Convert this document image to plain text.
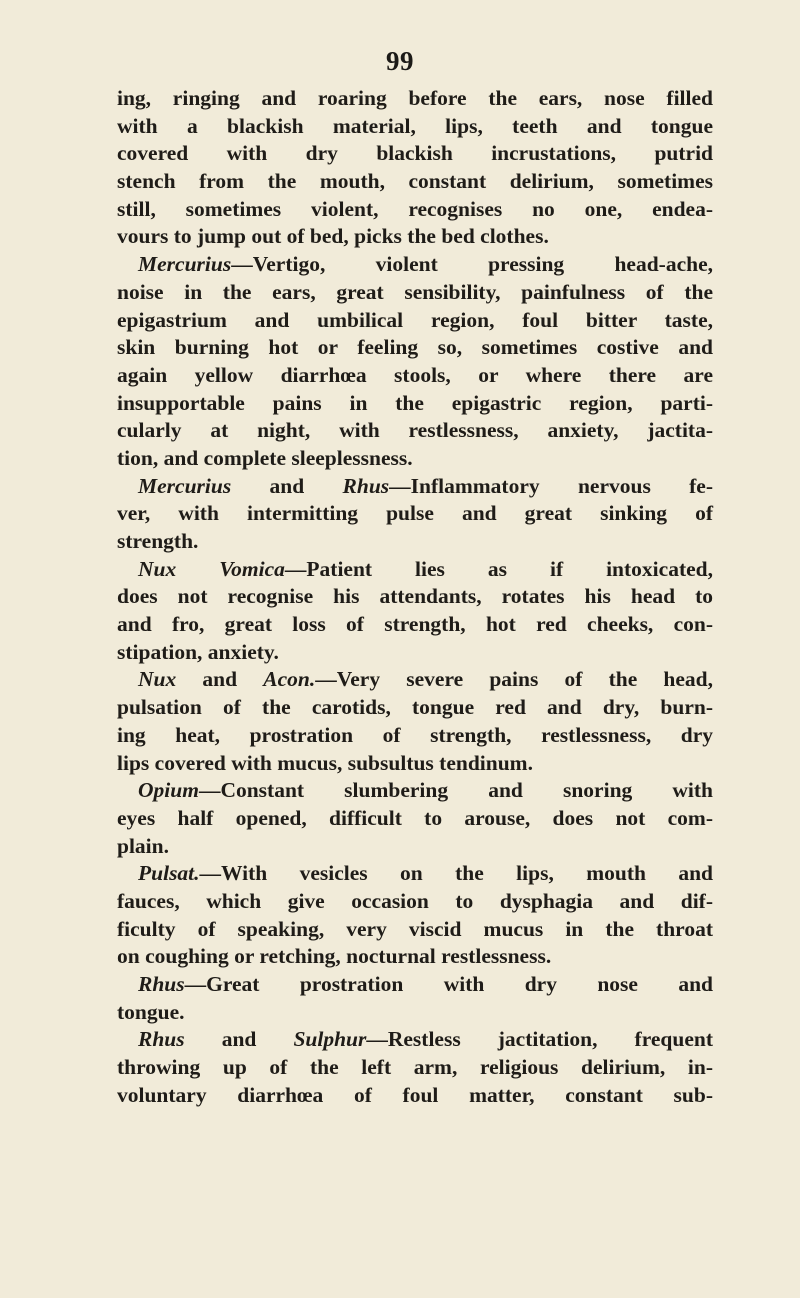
99
ing, ringing and roaring before the ears, nose filled
with a blackish material, lips, teeth and tongue
covered with dry blackish incrustations, putrid
stench from the mouth, constant delirium, sometimes
still, sometimes violent, recognises no one, endea-
vours to jump out of bed, picks the bed clothes.
Mercurius—Vertigo, violent pressing head-ache,
noise in the ears, great sensibility, painfulness of the
epigastrium and umbilical region, foul bitter taste,
skin burning hot or feeling so, sometimes costive and
again yellow diarrhœa stools, or where there are
insupportable pains in the epigastric region, parti-
cularly at night, with restlessness, anxiety, jactita-
tion, and complete sleeplessness.
Mercurius and Rhus—Inflammatory nervous fe-
ver, with intermitting pulse and great sinking of
strength.
Nux Vomica—Patient lies as if intoxicated,
does not recognise his attendants, rotates his head to
and fro, great loss of strength, hot red cheeks, con-
stipation, anxiety.
Nux and Acon.—Very severe pains of the head,
pulsation of the carotids, tongue red and dry, burn-
ing heat, prostration of strength, restlessness, dry
lips covered with mucus, subsultus tendinum.
Opium—Constant slumbering and snoring with
eyes half opened, difficult to arouse, does not com-
plain.
Pulsat.—With vesicles on the lips, mouth and
fauces, which give occasion to dysphagia and dif-
ficulty of speaking, very viscid mucus in the throat
on coughing or retching, nocturnal restlessness.
Rhus—Great prostration with dry nose and
tongue.
Rhus and Sulphur—Restless jactitation, frequent
throwing up of the left arm, religious delirium, in-
voluntary diarrhœa of foul matter, constant sub-
